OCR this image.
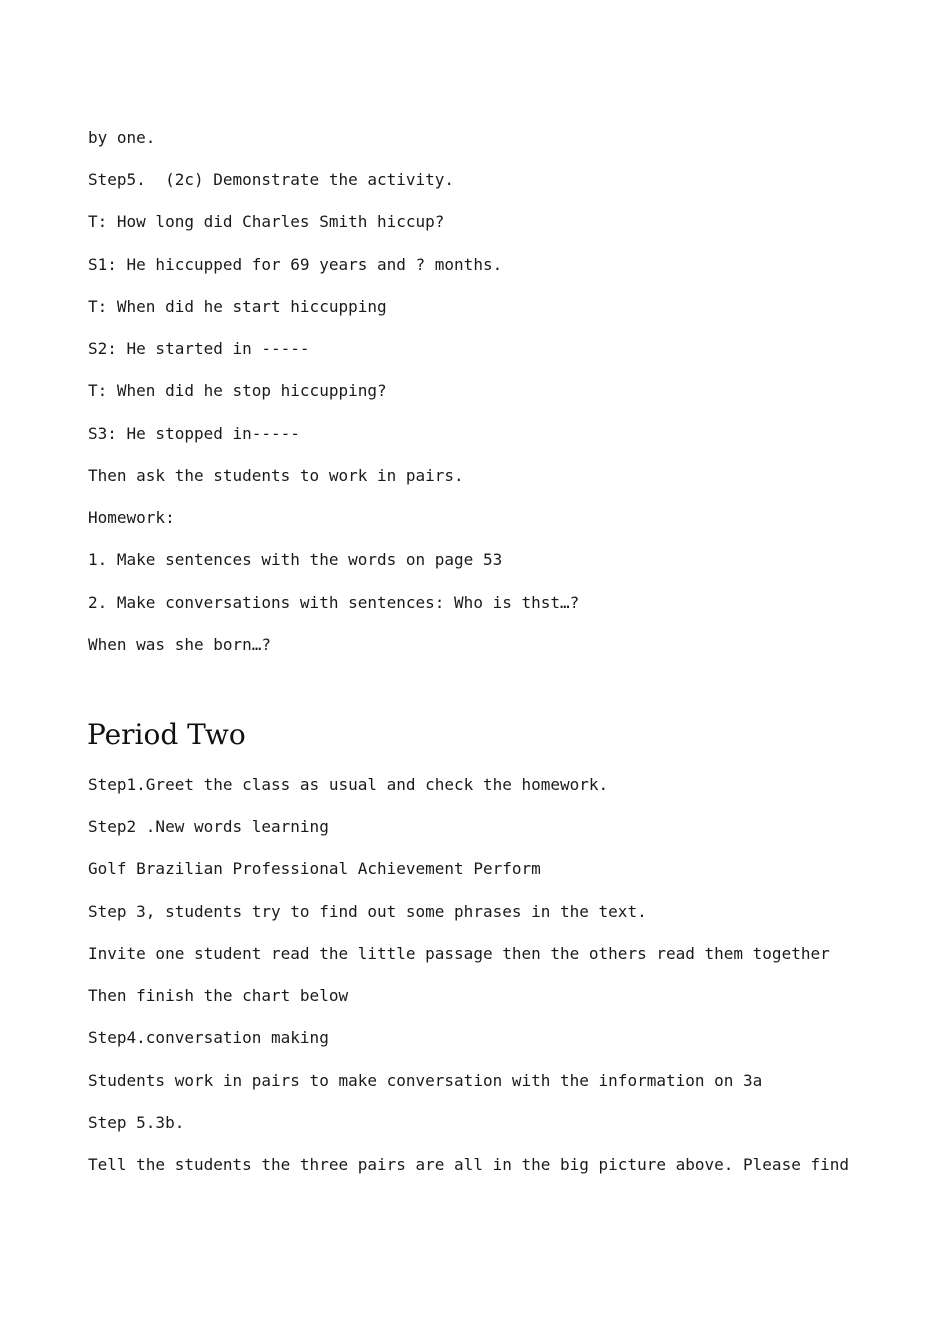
by one.
Step5.  (2c) Demonstrate the activity.
T: How long did Charles Smith hiccup?
S1: He hiccupped for 69 years and ? months.
T: When did he start hiccupping
S2: He started in -----
T: When did he stop hiccupping?
S3: He stopped in-----
Then ask the students to work in pairs.
Homework:
1. Make sentences with the words on page 53
2. Make conversations with sentences: Who is thst…?
When was she born…?
Period Two
Step1.Greet the class as usual and check the homework.
Step2 .New words learning
Golf Brazilian Professional Achievement Perform
Step 3, students try to find out some phrases in the text.
Invite one student read the little passage then the others read them together
Then finish the chart below
Step4.conversation making
Students work in pairs to make conversation with the information on 3a
Step 5.3b.
Tell the students the three pairs are all in the big picture above. Please find
